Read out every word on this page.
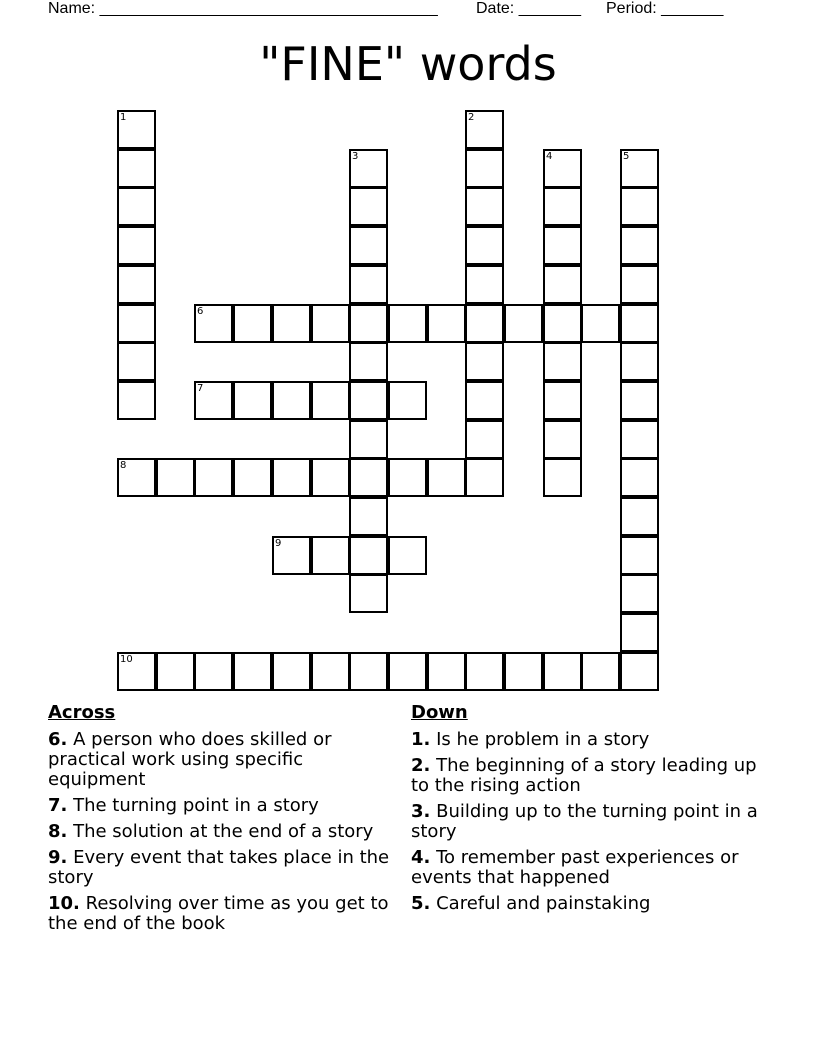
Name: ______________________________________ Date: _______ Period: _______
"FINE" words
6
7
8
9
10
1	2
3	4	5
Across
6. A person who does skilled or practical work using specific equipment
7. The turning point in a story
8. The solution at the end of a story
9. Every event that takes place in the story
10. Resolving over time as you get to the end of the book
Down
1. Is he problem in a story
2. The beginning of a story leading up to the rising action
3. Building up to the turning point in a story
4. To remember past experiences or events that happened
5. Careful and painstaking
